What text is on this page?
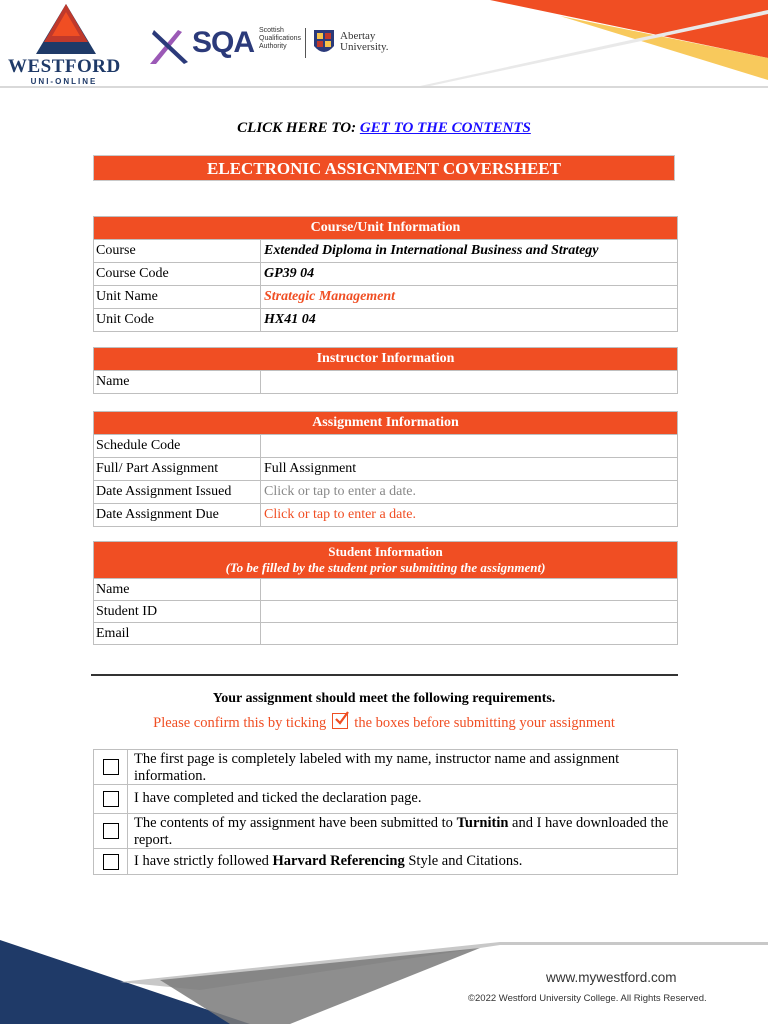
WESTFORD
UNI-ONLINE
SQA Scottish
Qualifications
Authority
Abertay
University.
CLICK HERE TO: GET TO THE CONTENTS
ELECTRONIC ASSIGNMENT COVERSHEET
Course/Unit Information
Course	Extended Diploma in International Business and Strategy
Course Code	GP39 04
Unit Name	Strategic Management
Unit Code	HX41 04
Instructor Information
Name
Assignment Information
Schedule Code
Full/ Part Assignment	Full Assignment
Date Assignment Issued	Click or tap to enter a date.
Date Assignment Due	Click or tap to enter a date.
Student Information
(To be filled by the student prior submitting the assignment)
Name
Student ID
Email
Your assignment should meet the following requirements.
Please confirm this by ticking the boxes before submitting your assignment
The first page is completely labeled with my name, instructor name and assignment information.
I have completed and ticked the declaration page.
The contents of my assignment have been submitted to Turnitin and I have downloaded the report.
I have strictly followed Harvard Referencing Style and Citations.
www.mywestford.com
©2022 Westford University College. All Rights Reserved.
